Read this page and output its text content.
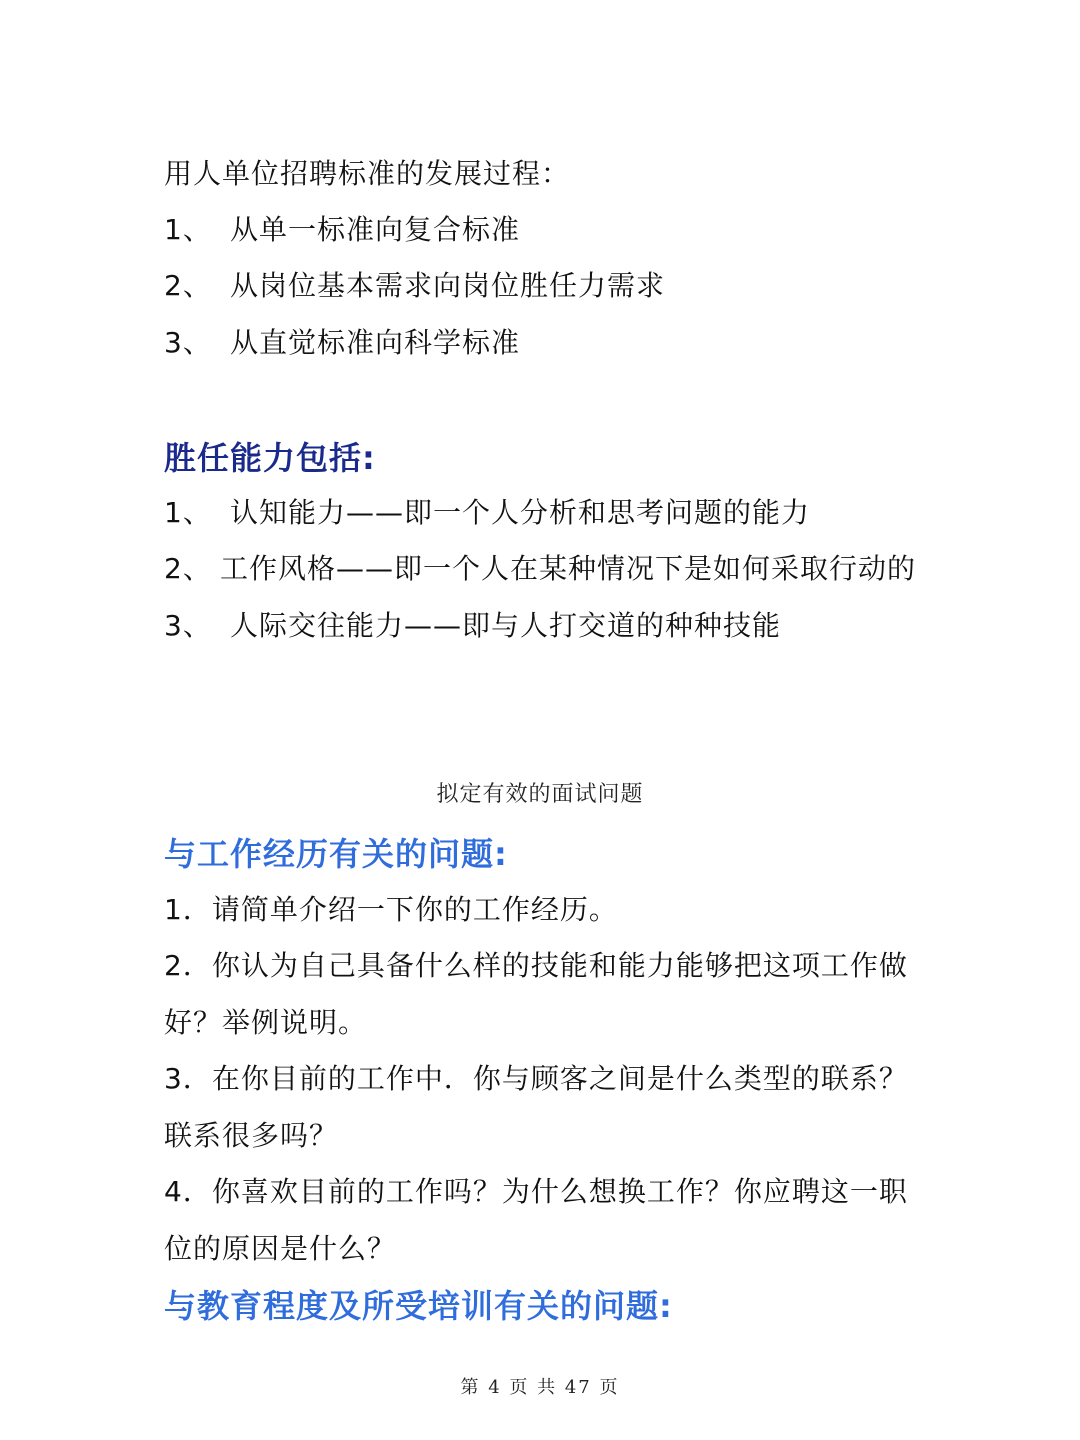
用人单位招聘标准的发展过程：
1、 从单一标准向复合标准
2、 从岗位基本需求向岗位胜任力需求
3、 从直觉标准向科学标准
胜任能力包括:
1、 认知能力——即一个人分析和思考问题的能力
2、 工作风格——即一个人在某种情况下是如何采取行动的
3、 人际交往能力——即与人打交道的种种技能
拟定有效的面试问题
与工作经历有关的问题:
1．请简单介绍一下你的工作经历。
2．你认为自己具备什么样的技能和能力能够把这项工作做
好？举例说明。
3．在你目前的工作中．你与顾客之间是什么类型的联系？
联系很多吗？
4．你喜欢目前的工作吗？为什么想换工作？你应聘这一职
位的原因是什么？
与教育程度及所受培训有关的问题:
第 4 页 共 47 页
